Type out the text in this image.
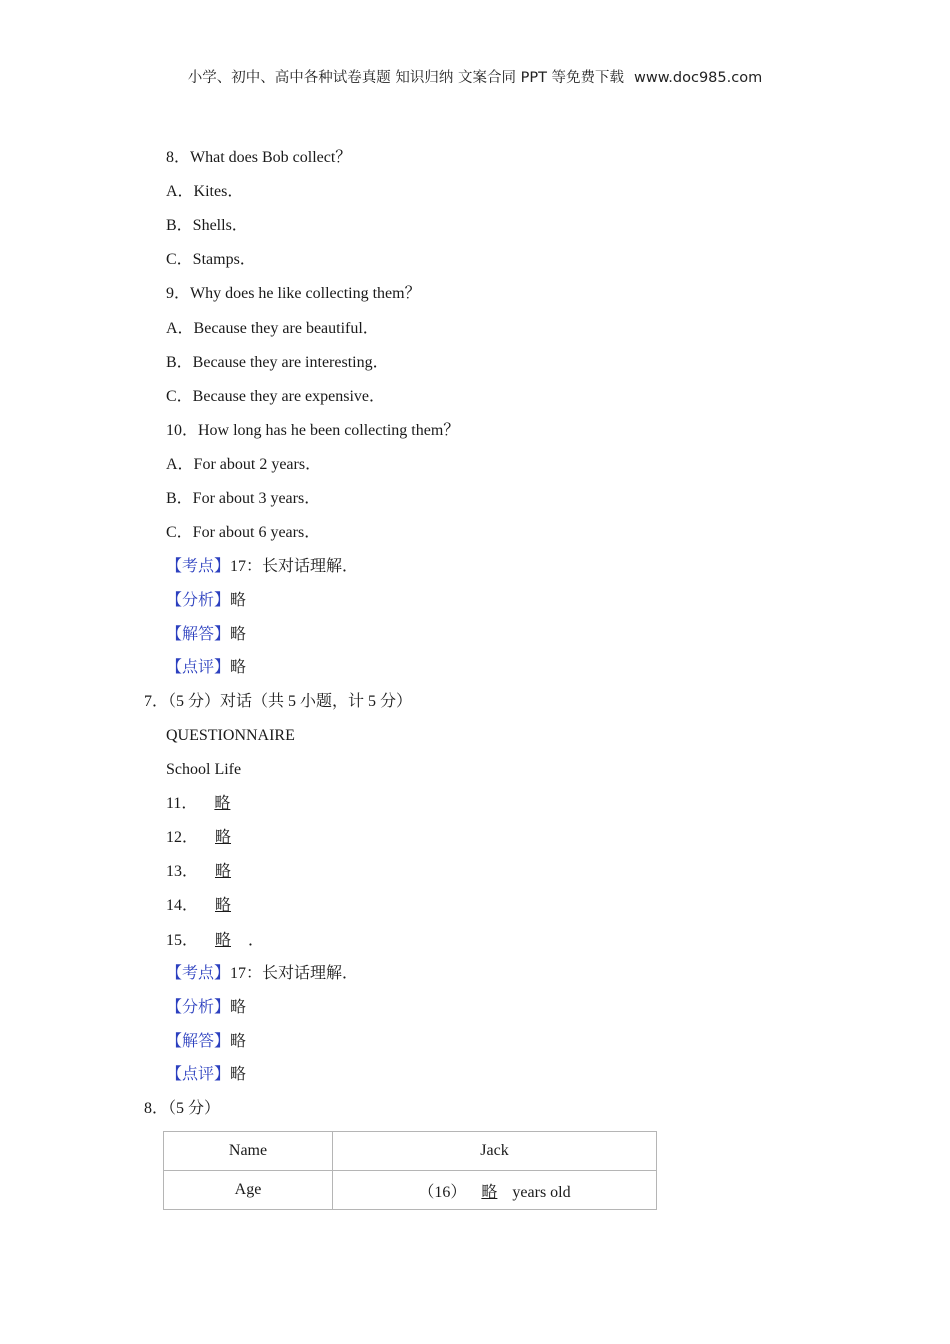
小学、初中、高中各种试卷真题 知识归纳 文案合同 PPT 等免费下载 www.doc985.com
8．What does Bob collect？
A．Kites．
B．Shells．
C．Stamps．
9．Why does he like collecting them？
A．Because they are beautiful．
B．Because they are interesting．
C．Because they are expensive．
10．How long has he been collecting them？
A．For about 2 years．
B．For about 3 years．
C．For about 6 years．
【考点】17：长对话理解．
【分析】略
【解答】略
【点评】略
7．（5 分）对话（共 5 小题，计 5 分）
QUESTIONNAIRE
School Life
11． 略
12． 略
13． 略
14． 略
15． 略 ．
【考点】17：长对话理解．
【分析】略
【解答】略
【点评】略
8．（5 分）
Name	Jack
Age	（16） 略 years old
